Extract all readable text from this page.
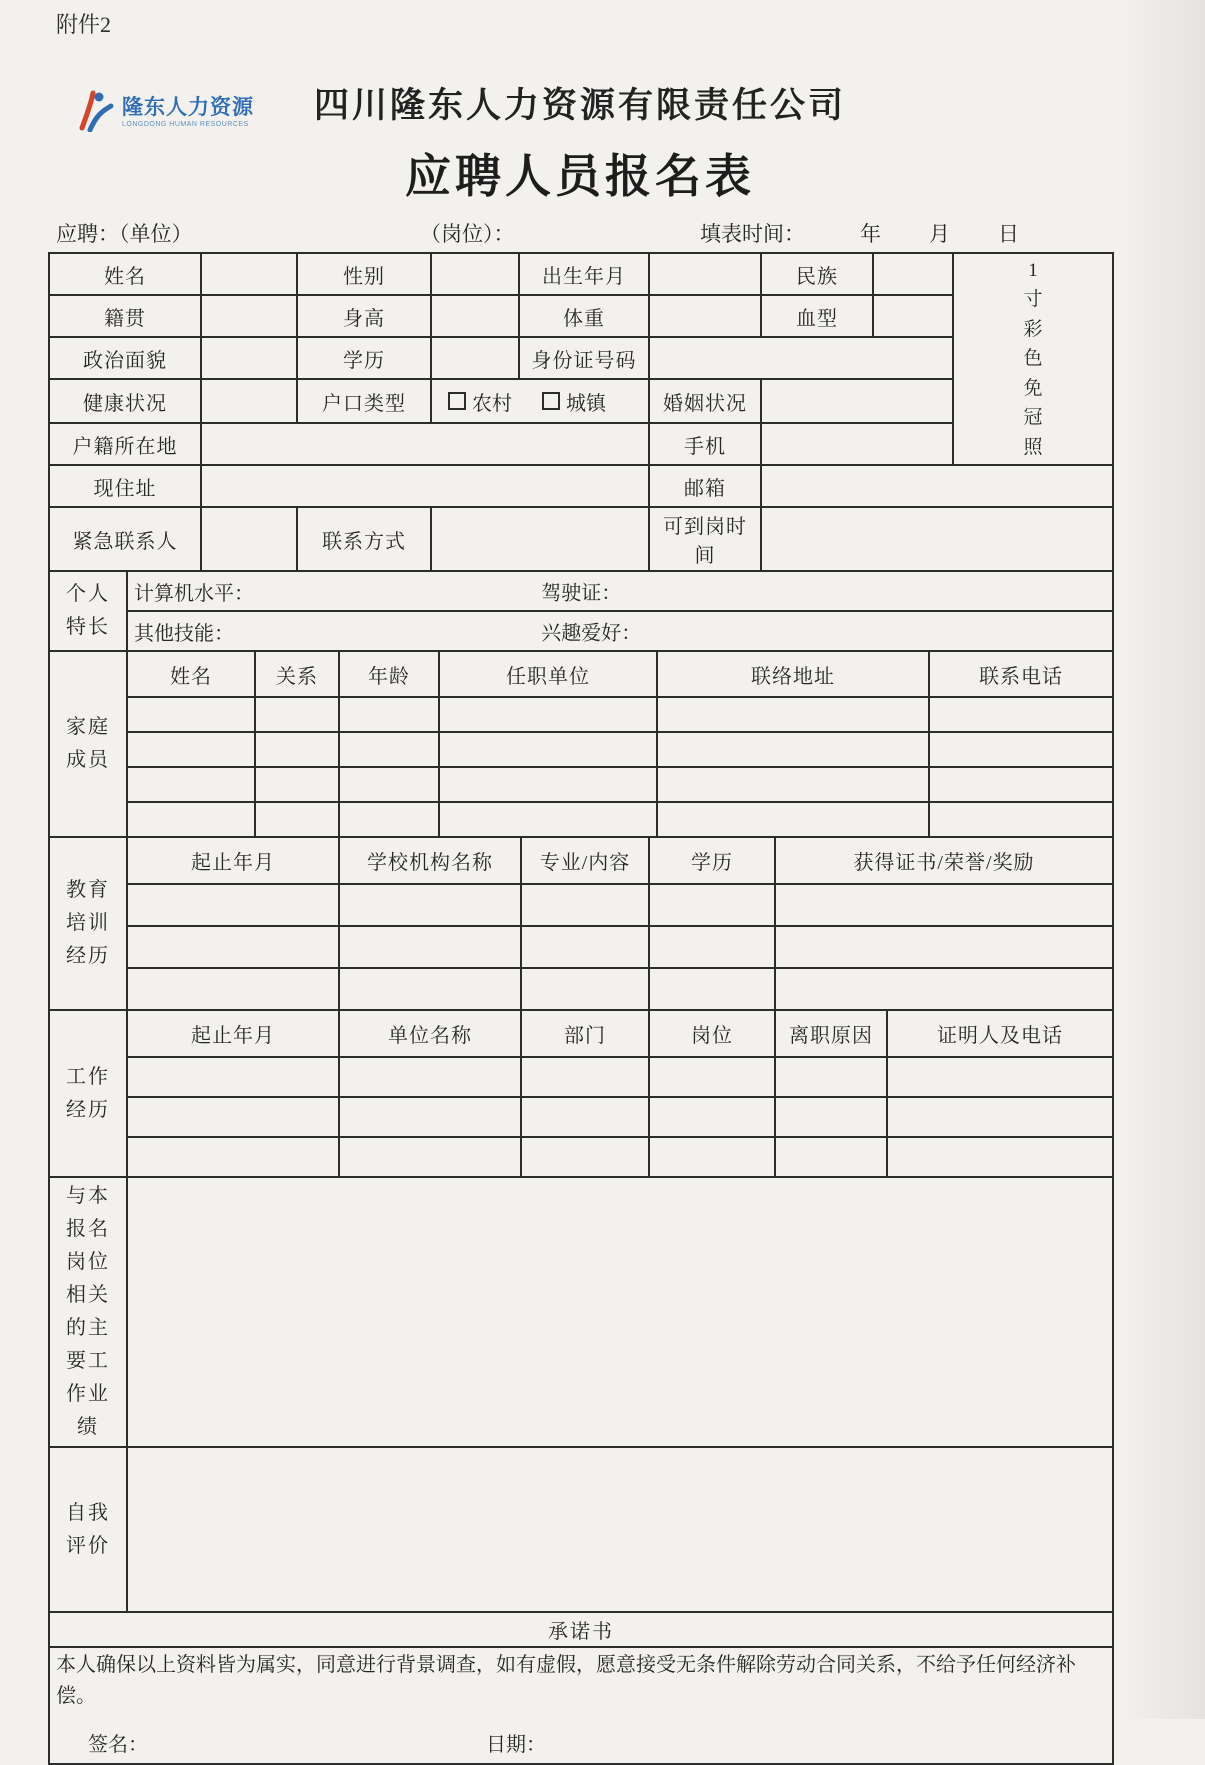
附件2
隆东人力资源
LONGDONG HUMAN RESOURCES	四川隆东人力资源有限责任公司
应聘人员报名表
应聘：（单位）	（岗位）：	填表时间：	年　　月　　日
姓名		性别		出生年月		民族		1寸彩色免冠照

籍贯		身高		体重		血型		
政治面貌		学历		身份证号码				
健康状况		户口类型	农村 城镇		婚姻状况			
户籍所在地					手机			
现住址					邮箱			
紧急联系人		联系方式			可到岗时间			
个人特长
	计算机水平：	驾驶证：

其他技能：	兴趣爱好：
家庭成员	姓名	关系	年龄	任职单位	联络地址	联系电话

教育培训经历	起止年月	学校机构名称	专业/内容	学历	获得证书/荣誉/奖励

工作经历	起止年月	单位名称	部门	岗位	离职原因	证明人及电话

与本报名岗位相关的主要工作业绩

自我评价

承诺书

本人确保以上资料皆为属实，同意进行背景调查，如有虚假，愿意接受无条件解除劳动合同关系，不给予任何经济补偿。
签名：	日期：
